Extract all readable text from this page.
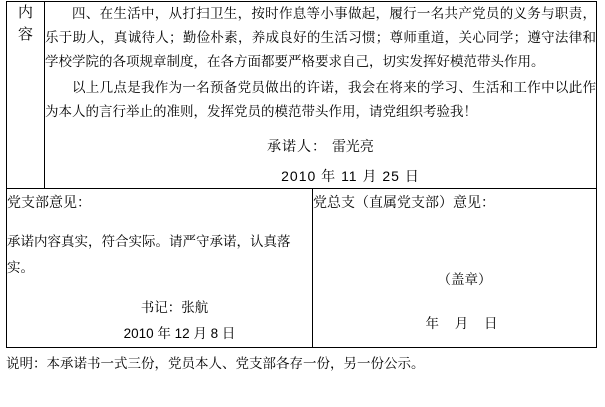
内
容

四、在生活中，从打扫卫生，按时作息等小事做起，履行一名共产党员的义务与职责，乐于助人，真诚待人；勤俭朴素，养成良好的生活习惯；尊师重道，关心同学；遵守法律和学校学院的各项规章制度，在各方面都要严格要求自己，切实发挥好模范带头作用。

以上几点是我作为一名预备党员做出的许诺，我会在将来的学习、生活和工作中以此作为本人的言行举止的准则，发挥党员的模范带头作用，请党组织考验我！

承诺人： 雷光亮
2010 年 11 月 25 日

党支部意见：
承诺内容真实，符合实际。请严守承诺，认真落实。
书记：张航
2010 年 12 月 8 日

党总支（直属党支部）意见：
（盖章）
年 月 日
说明：本承诺书一式三份，党员本人、党支部各存一份，另一份公示。
